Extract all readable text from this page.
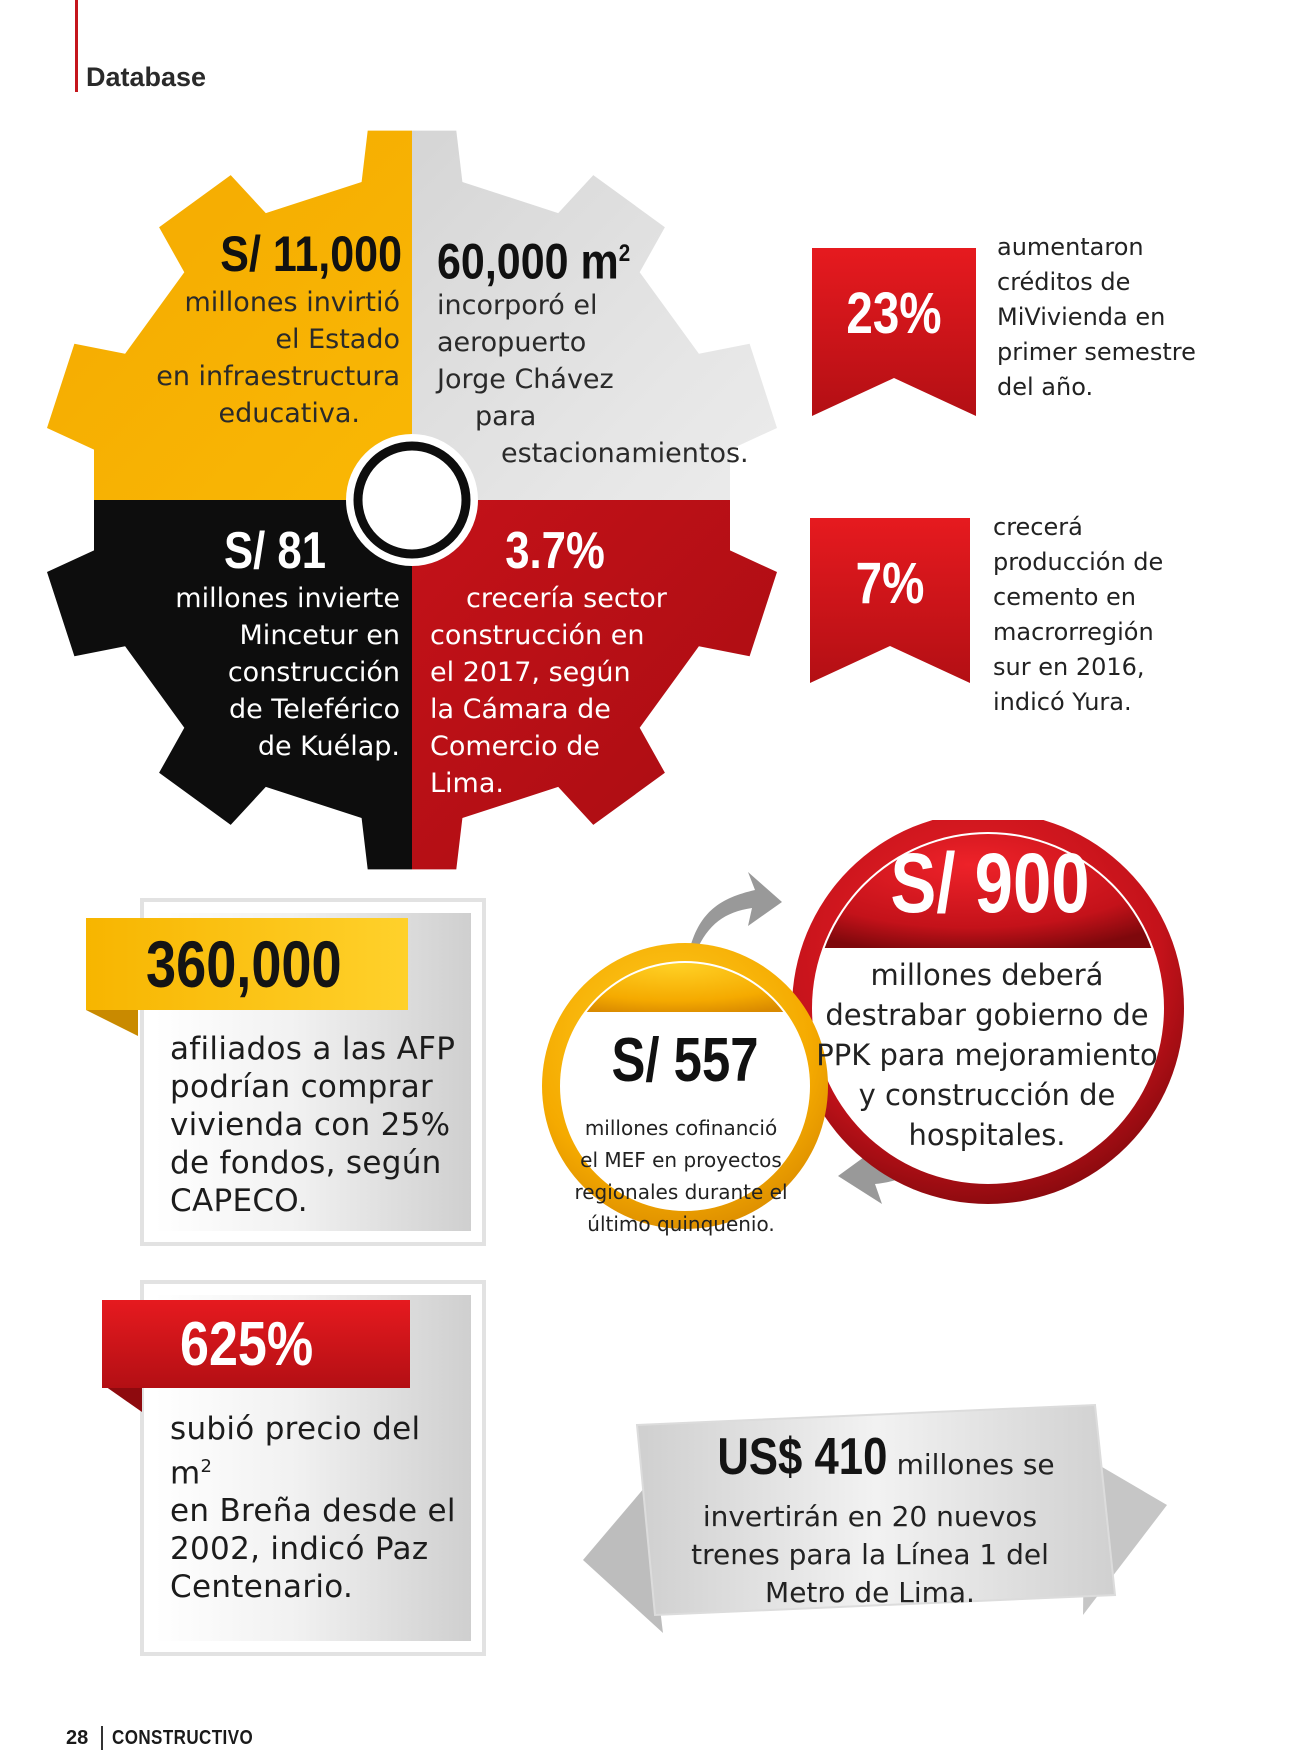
Database
S/ 11,000
millones invirtió
el Estado
en infraestructura
educativa.
60,000 $m^2$
incorporó el
aeropuerto
Jorge Chávez
para
estacionamientos.
S/ 81
millones invierte
Mincetur en
construcción
de Teleférico
de Kuélap.
3.7%
crecería sector
construcción en
el 2017, según
la Cámara de
Comercio de
Lima.
23%
aumentaron
créditos de
MiVivienda en
primer semestre
del año.
7%
crecerá
producción de
cemento en
macrorregión
sur en 2016,
indicó Yura.
360,000
afiliados a las AFP
podrían comprar
vivienda con 25%
de fondos, según
CAPECO.
625%
subió precio del $m^2$
en Breña desde el
2002, indicó Paz
Centenario.
S/ 900
millones deberá
destrabar gobierno de
PPK para mejoramiento
y construcción de
hospitales.
S/ 557
millones cofinanció
el MEF en proyectos
regionales durante el
último quinquenio.
US$ 410 millones se
invertirán en 20 nuevos
trenes para la Línea 1 del
Metro de Lima.
28 CONSTRUCTIVO
